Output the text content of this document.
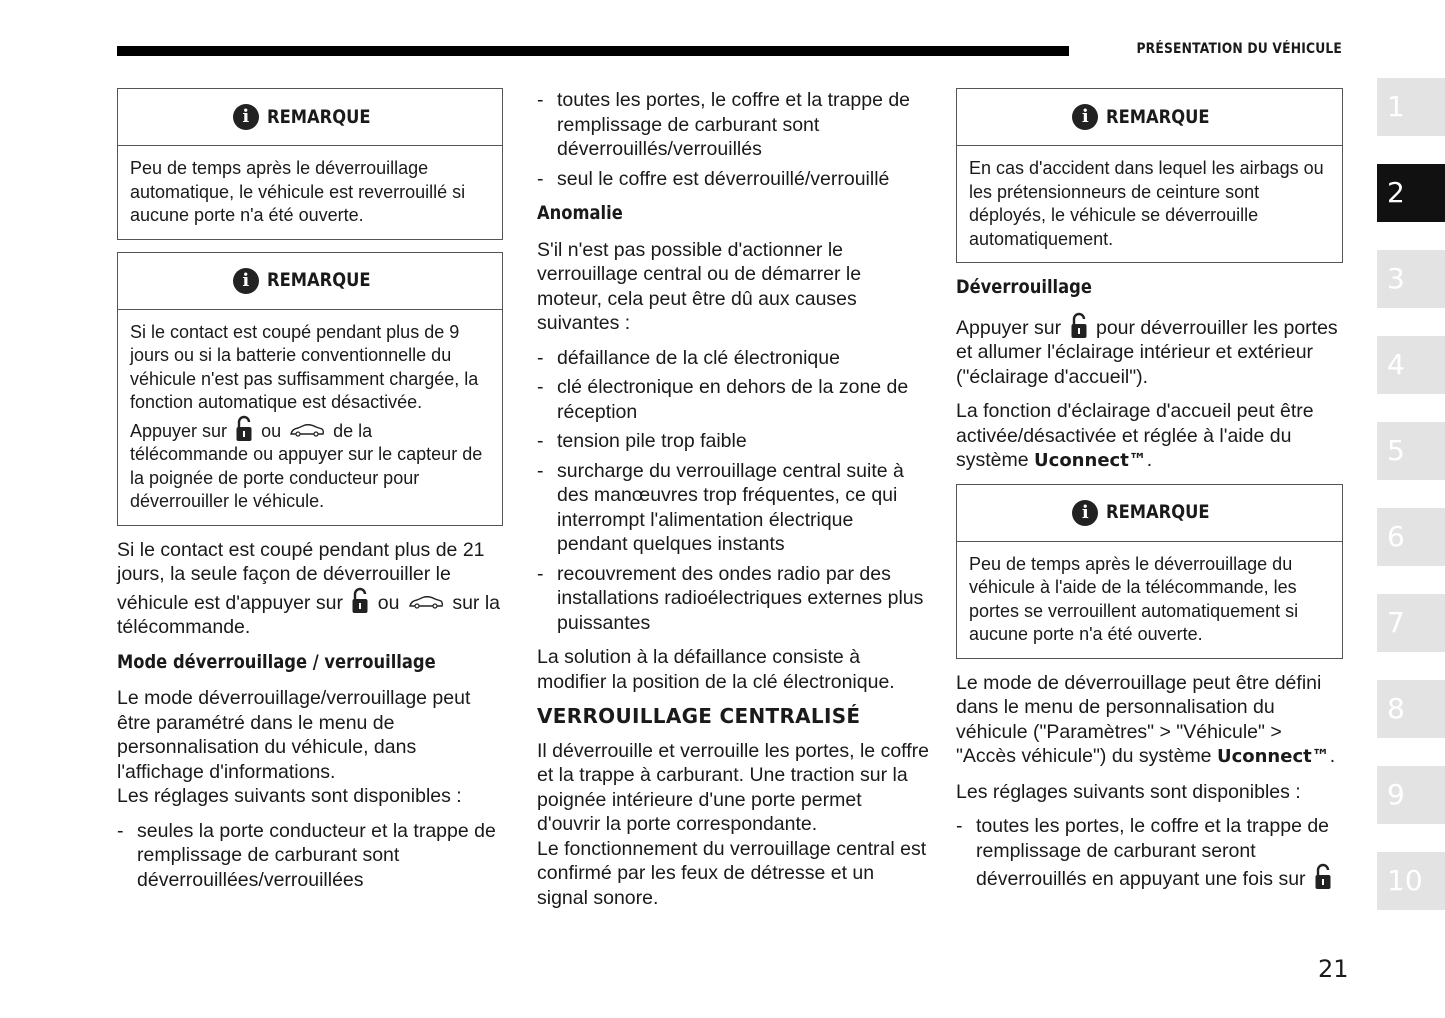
PRÉSENTATION DU VÉHICULE
1
2
3
4
5
6
7
8
9
10
i REMARQUE
Peu de temps après le déverrouillage automatique, le véhicule est reverrouillé si aucune porte n'a été ouverte.
i REMARQUE
Si le contact est coupé pendant plus de 9 jours ou si la batterie conventionnelle du véhicule n'est pas suffisamment chargée, la fonction automatique est désactivée.
Appuyer sur ou	de la télécommande ou appuyer sur le capteur de la poignée de porte conducteur pour déverrouiller le véhicule.

Si le contact est coupé pendant plus de 21 jours, la seule façon de déverrouiller le véhicule est d'appuyer sur ou	sur la télécommande.

Mode déverrouillage / verrouillage

Le mode déverrouillage/verrouillage peut être paramétré dans le menu de personnalisation du véhicule, dans l'affichage d'informations.

Les réglages suivants sont disponibles :

- seules la porte conducteur et la trappe de remplissage de carburant sont déverrouillées/verrouillées
- toutes les portes, le coffre et la trappe de remplissage de carburant sont déverrouillés/verrouillés
- seul le coffre est déverrouillé/verrouillé
Anomalie

S'il n'est pas possible d'actionner le verrouillage central ou de démarrer le moteur, cela peut être dû aux causes suivantes :

- défaillance de la clé électronique
- clé électronique en dehors de la zone de réception
- tension pile trop faible
- surcharge du verrouillage central suite à des manœuvres trop fréquentes, ce qui interrompt l'alimentation électrique pendant quelques instants
- recouvrement des ondes radio par des installations radioélectriques externes plus puissantes

La solution à la défaillance consiste à modifier la position de la clé électronique.

VERROUILLAGE CENTRALISÉ

Il déverrouille et verrouille les portes, le coffre et la trappe à carburant. Une traction sur la poignée intérieure d'une porte permet d'ouvrir la porte correspondante.

Le fonctionnement du verrouillage central est confirmé par les feux de détresse et un signal sonore.

i REMARQUE
En cas d'accident dans lequel les airbags ou les prétensionneurs de ceinture sont déployés, le véhicule se déverrouille automatiquement.
Déverrouillage

Appuyer sur pour déverrouiller les portes et allumer l'éclairage intérieur et extérieur ("éclairage d'accueil").

La fonction d'éclairage d'accueil peut être activée/désactivée et réglée à l'aide du système Uconnect™.

i REMARQUE
Peu de temps après le déverrouillage du véhicule à l'aide de la télécommande, les portes se verrouillent automatiquement si aucune porte n'a été ouverte.

Le mode de déverrouillage peut être défini dans le menu de personnalisation du véhicule ("Paramètres" > "Véhicule" > "Accès véhicule") du système Uconnect™.

Les réglages suivants sont disponibles :

- toutes les portes, le coffre et la trappe de remplissage de carburant seront déverrouillés en appuyant une fois sur
21
